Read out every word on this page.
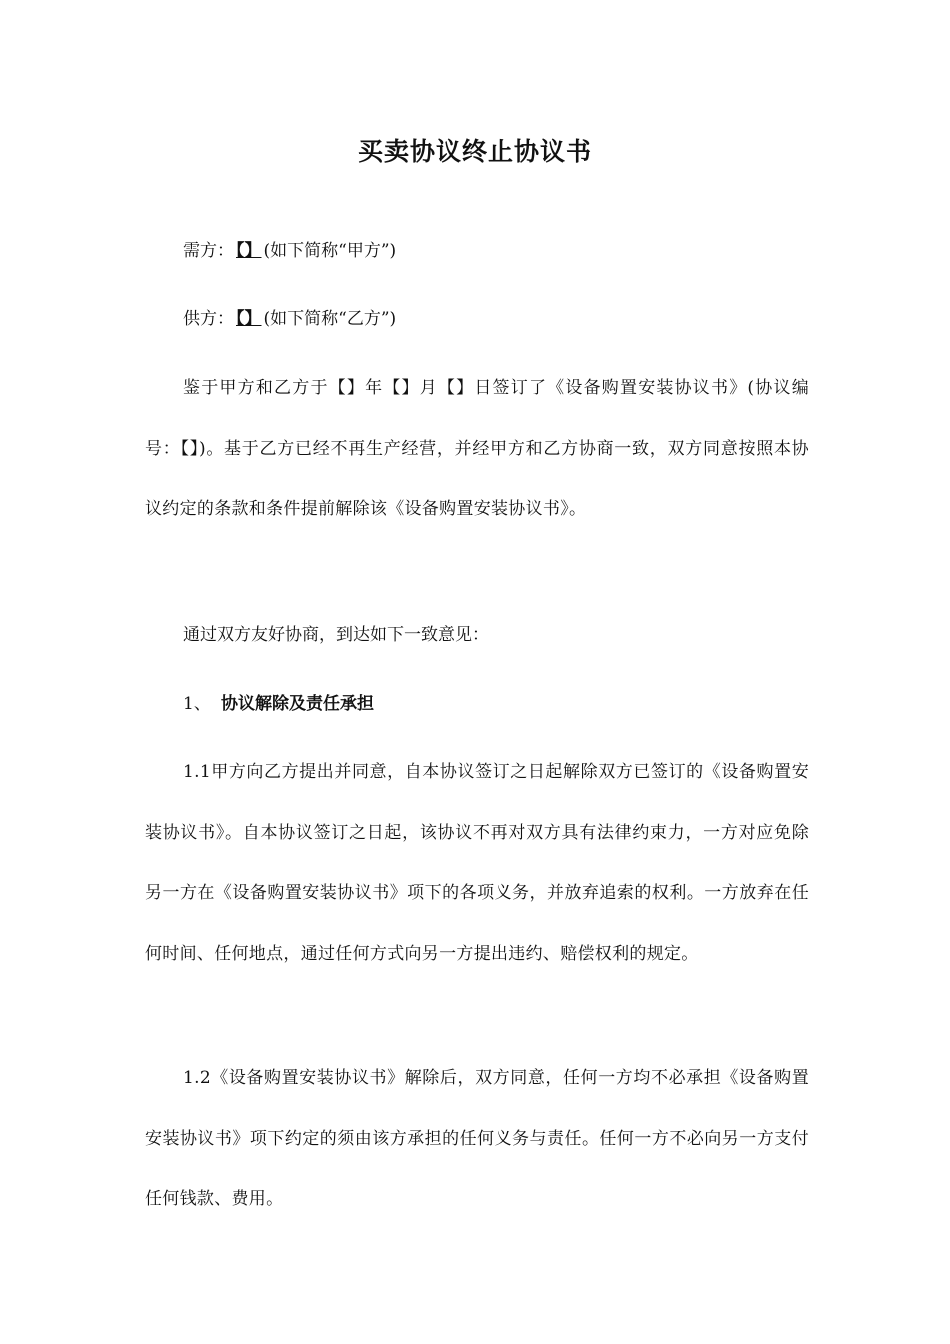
买卖协议终止协议书
需方： 【】 (如下简称“甲方”)
供方： 【】 (如下简称“乙方”)
鉴于甲方和乙方于【】年【】月【】日签订了《设备购置安装协议书》(协议编号：【】)。基于乙方已经不再生产经营，并经甲方和乙方协商一致，双方同意按照本协议约定的条款和条件提前解除该《设备购置安装协议书》。
通过双方友好协商，到达如下一致意见：
1、 协议解除及责任承担
1.1甲方向乙方提出并同意，自本协议签订之日起解除双方已签订的《设备购置安装协议书》。自本协议签订之日起，该协议不再对双方具有法律约束力，一方对应免除另一方在《设备购置安装协议书》项下的各项义务，并放弃追索的权利。一方放弃在任何时间、任何地点，通过任何方式向另一方提出违约、赔偿权利的规定。
1.2《设备购置安装协议书》解除后，双方同意，任何一方均不必承担《设备购置安装协议书》项下约定的须由该方承担的任何义务与责任。任何一方不必向另一方支付任何钱款、费用。
